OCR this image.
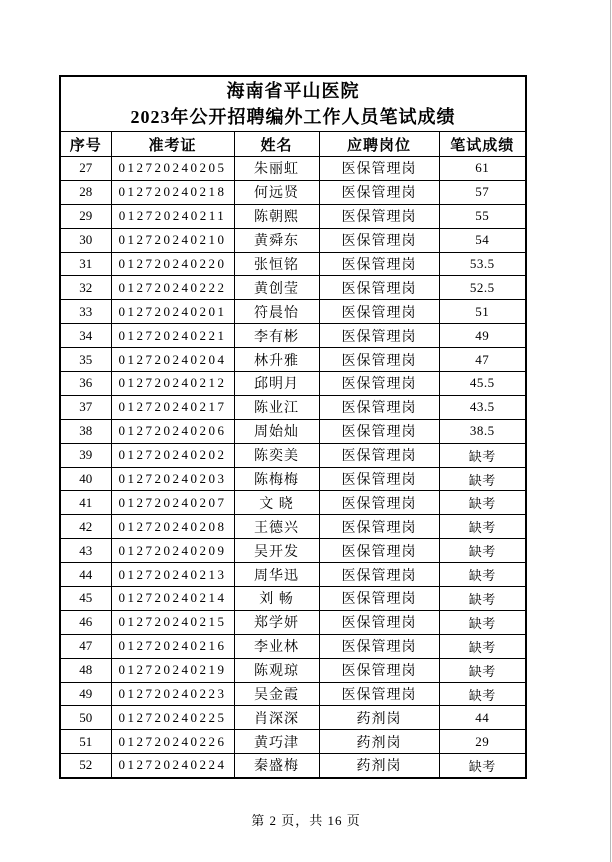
海南省平山医院
2023年公开招聘编外工作人员笔试成绩				

序号	准考证	姓名	应聘岗位	笔试成绩
27	012720240205	朱丽虹	医保管理岗	61
28	012720240218	何远贤	医保管理岗	57
29	012720240211	陈朝熙	医保管理岗	55
30	012720240210	黄舜东	医保管理岗	54
31	012720240220	张恒铭	医保管理岗	53.5
32	012720240222	黄创莹	医保管理岗	52.5
33	012720240201	符晨怡	医保管理岗	51
34	012720240221	李有彬	医保管理岗	49
35	012720240204	林升雅	医保管理岗	47
36	012720240212	邱明月	医保管理岗	45.5
37	012720240217	陈业江	医保管理岗	43.5
38	012720240206	周始灿	医保管理岗	38.5
39	012720240202	陈奕美	医保管理岗	缺考
40	012720240203	陈梅梅	医保管理岗	缺考
41	012720240207	文 晓	医保管理岗	缺考
42	012720240208	王德兴	医保管理岗	缺考
43	012720240209	吴开发	医保管理岗	缺考
44	012720240213	周华迅	医保管理岗	缺考
45	012720240214	刘 畅	医保管理岗	缺考
46	012720240215	郑学妍	医保管理岗	缺考
47	012720240216	李业林	医保管理岗	缺考
48	012720240219	陈观琼	医保管理岗	缺考
49	012720240223	吴金霞	医保管理岗	缺考
50	012720240225	肖深深	药剂岗	44
51	012720240226	黄巧津	药剂岗	29
52	012720240224	秦盛梅	药剂岗	缺考
第 2 页，共 16 页
